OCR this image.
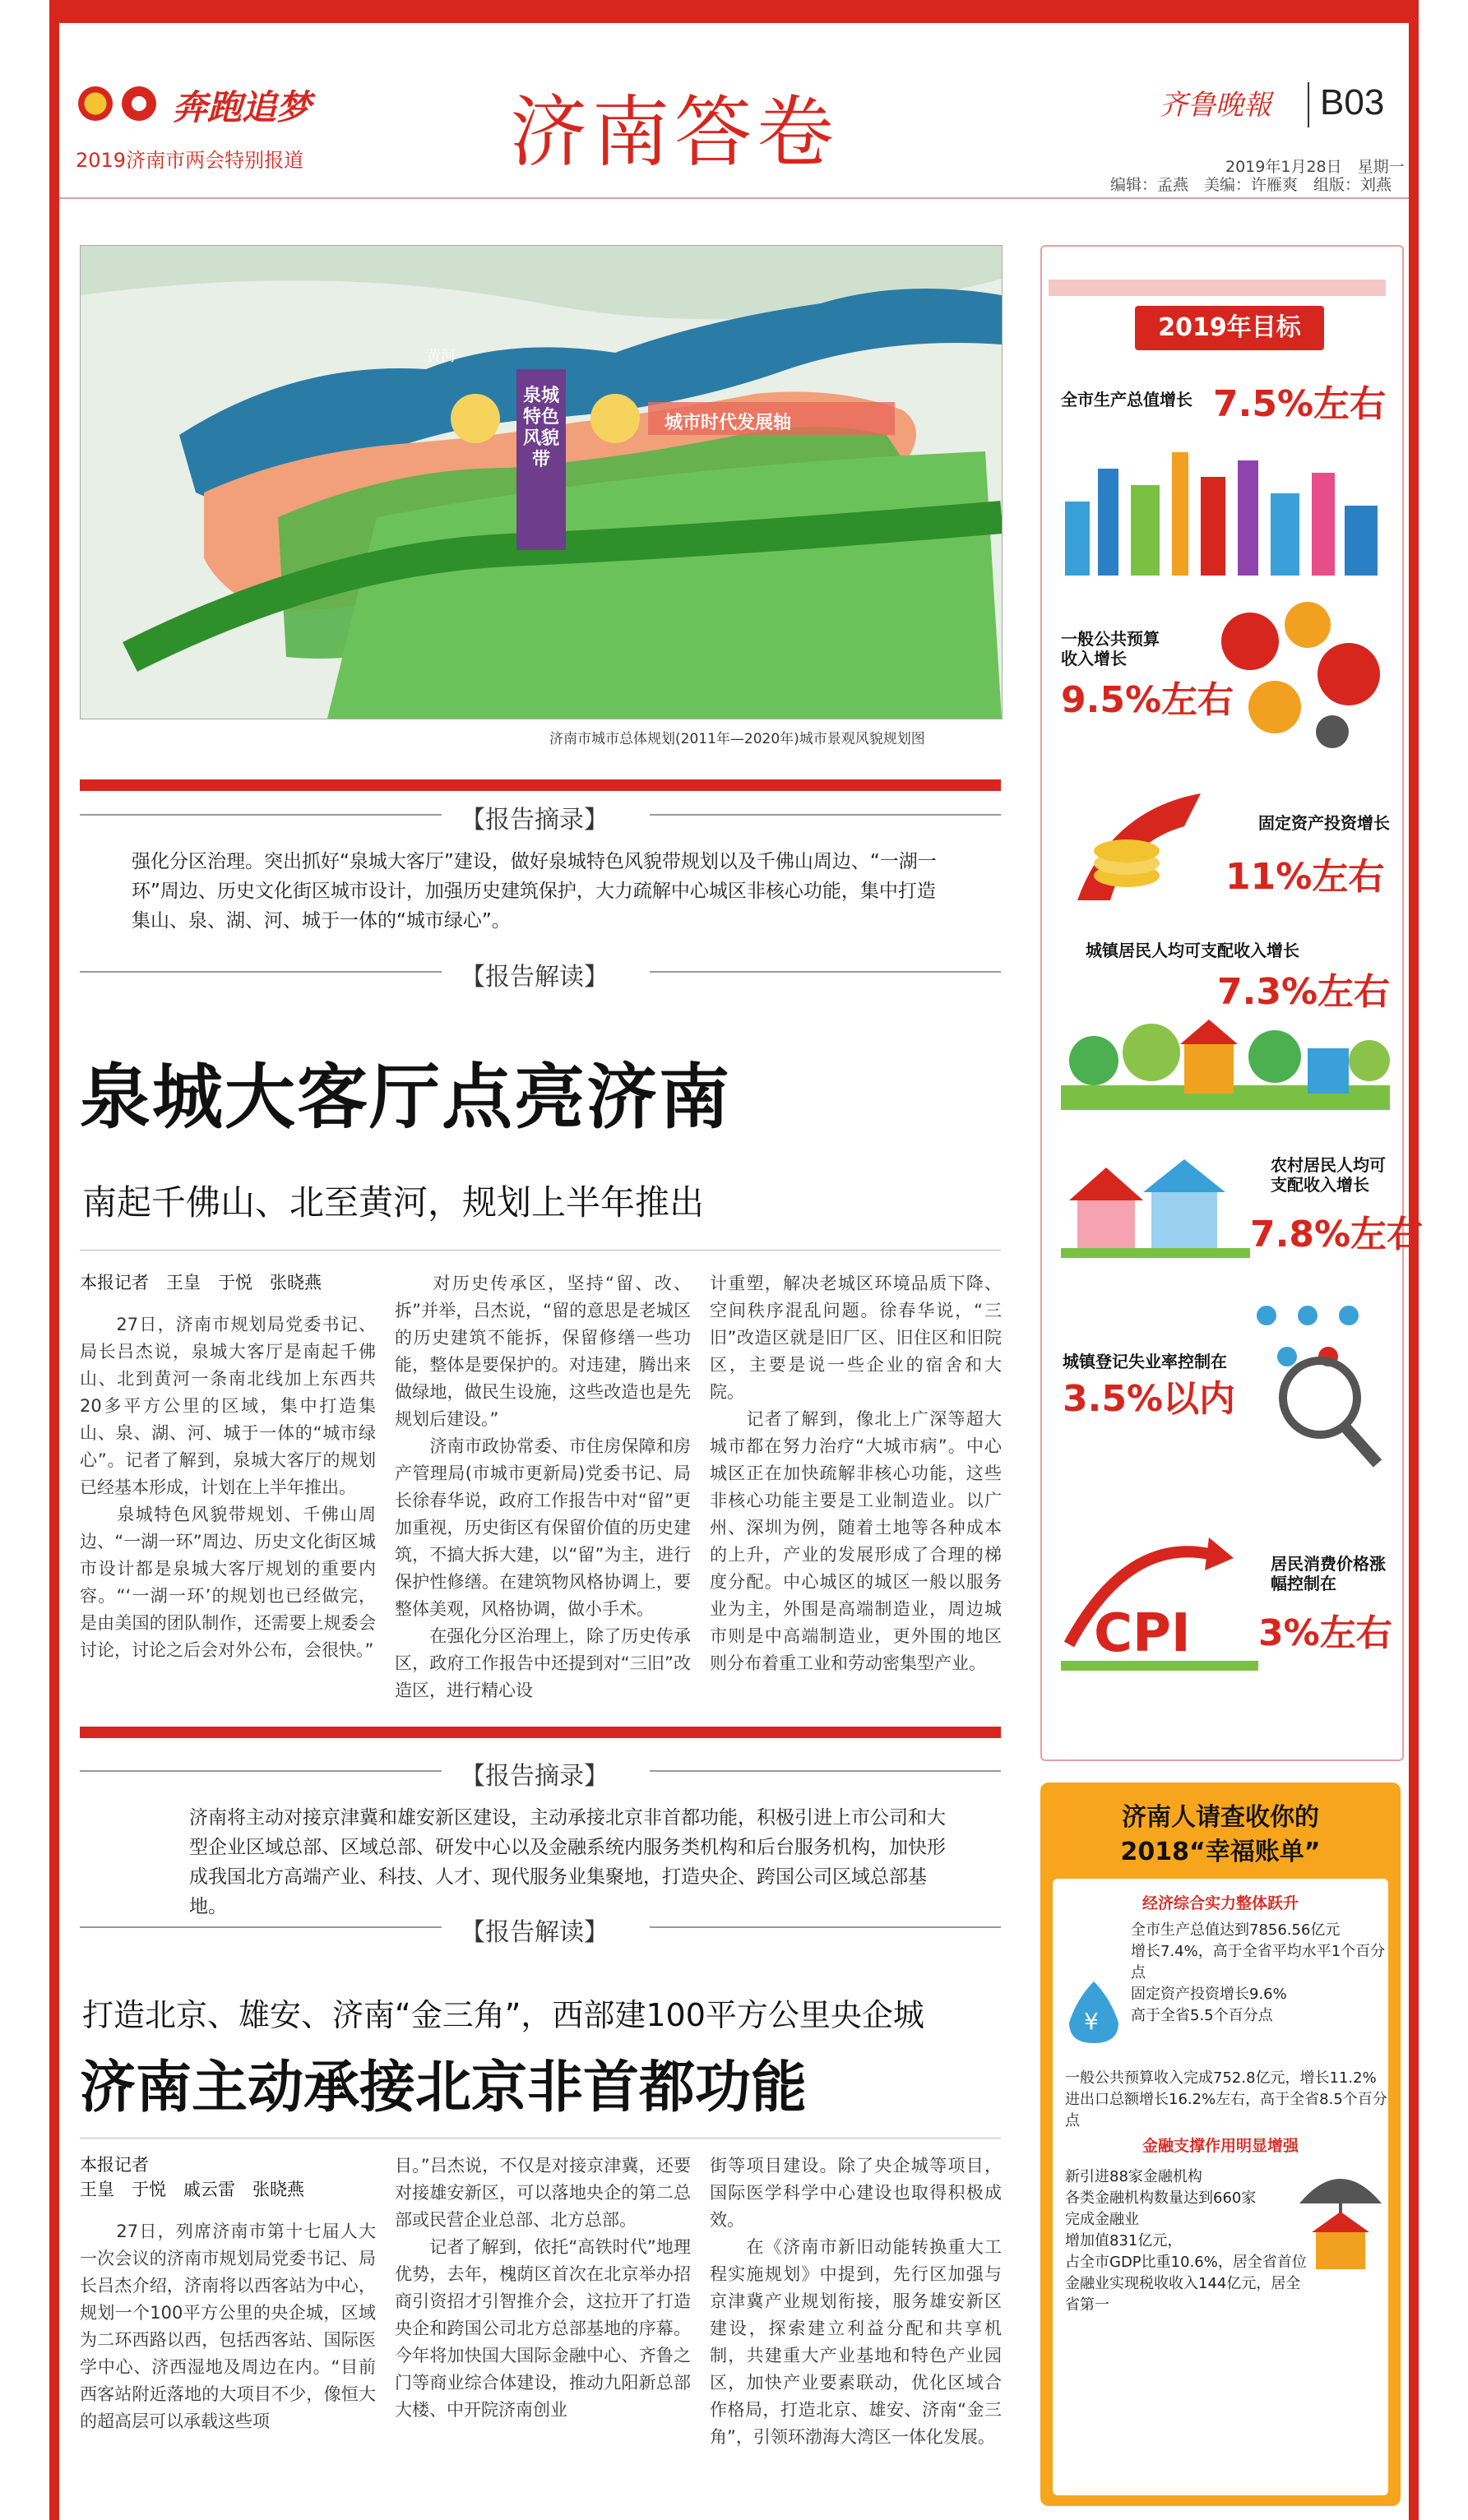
奔跑追梦
2019济南市两会特别报道	济南答卷	齐鲁晚報 B03
2019年1月28日　星期一
编辑：孟燕　美编：许雁爽　组版：刘燕
泉城特色风貌带
城市时代发展轴
黄河
济南市城市总体规划(2011年—2020年)城市景观风貌规划图
【报告摘录】
强化分区治理。突出抓好“泉城大客厅”建设，做好泉城特色风貌带规划以及千佛山周边、“一湖一环”周边、历史文化街区城市设计，加强历史建筑保护，大力疏解中心城区非核心功能，集中打造集山、泉、湖、河、城于一体的“城市绿心”。
【报告解读】
泉城大客厅点亮济南
南起千佛山、北至黄河，规划上半年推出
本报记者　王皇　于悦　张晓燕
　　27日，济南市规划局党委书记、局长吕杰说，泉城大客厅是南起千佛山、北到黄河一条南北线加上东西共20多平方公里的区域，集中打造集山、泉、湖、河、城于一体的“城市绿心”。记者了解到，泉城大客厅的规划已经基本形成，计划在上半年推出。
　　泉城特色风貌带规划、千佛山周边、“一湖一环”周边、历史文化街区城市设计都是泉城大客厅规划的重要内容。“‘一湖一环’的规划也已经做完，是由美国的团队制作，还需要上规委会讨论，讨论之后会对外公布，会很快。”
　　对历史传承区，坚持“留、改、拆”并举，吕杰说，“留的意思是老城区的历史建筑不能拆，保留修缮一些功能，整体是要保护的。对违建，腾出来做绿地，做民生设施，这些改造也是先规划后建设。”
　　济南市政协常委、市住房保障和房产管理局(市城市更新局)党委书记、局长徐春华说，政府工作报告中对“留”更加重视，历史街区有保留价值的历史建筑，不搞大拆大建，以“留”为主，进行保护性修缮。在建筑物风格协调上，要整体美观，风格协调，做小手术。
　　在强化分区治理上，除了历史传承区，政府工作报告中还提到对“三旧”改造区，进行精心设
计重塑，解决老城区环境品质下降、空间秩序混乱问题。徐春华说，“三旧”改造区就是旧厂区、旧住区和旧院区，主要是说一些企业的宿舍和大院。
　　记者了解到，像北上广深等超大城市都在努力治疗“大城市病”。中心城区正在加快疏解非核心功能，这些非核心功能主要是工业制造业。以广州、深圳为例，随着土地等各种成本的上升，产业的发展形成了合理的梯度分配。中心城区的城区一般以服务业为主，外围是高端制造业，周边城市则是中高端制造业，更外围的地区则分布着重工业和劳动密集型产业。
【报告摘录】
济南将主动对接京津冀和雄安新区建设，主动承接北京非首都功能，积极引进上市公司和大型企业区域总部、区域总部、研发中心以及金融系统内服务类机构和后台服务机构，加快形成我国北方高端产业、科技、人才、现代服务业集聚地，打造央企、跨国公司区域总部基地。
【报告解读】
打造北京、雄安、济南“金三角”，西部建100平方公里央企城
济南主动承接北京非首都功能
本报记者
王皇　于悦　戚云雷　张晓燕
　　27日，列席济南市第十七届人大一次会议的济南市规划局党委书记、局长吕杰介绍，济南将以西客站为中心，规划一个100平方公里的央企城，区域为二环西路以西，包括西客站、国际医学中心、济西湿地及周边在内。“目前西客站附近落地的大项目不少，像恒大的超高层可以承载这些项
目。”吕杰说，不仅是对接京津冀，还要对接雄安新区，可以落地央企的第二总部或民营企业总部、北方总部。
　　记者了解到，依托“高铁时代”地理优势，去年，槐荫区首次在北京举办招商引资招才引智推介会，这拉开了打造央企和跨国公司北方总部基地的序幕。今年将加快国大国际金融中心、齐鲁之门等商业综合体建设，推动九阳新总部大楼、中开院济南创业
街等项目建设。除了央企城等项目，国际医学科学中心建设也取得积极成效。
　　在《济南市新旧动能转换重大工程实施规划》中提到，先行区加强与京津冀产业规划衔接，服务雄安新区建设，探索建立利益分配和共享机制，共建重大产业基地和特色产业园区，加快产业要素联动，优化区域合作格局，打造北京、雄安、济南“金三角”，引领环渤海大湾区一体化发展。
2019年目标
全市生产总值增长 7.5%左右
一般公共预算收入增长
9.5%左右
固定资产投资增长
11%左右
城镇居民人均可支配收入增长
7.3%左右
农村居民人均可支配收入增长
7.8%左右
城镇登记失业率控制在
3.5%以内
居民消费价格涨幅控制在
3%左右
CPI
济南人请查收你的
2018“幸福账单”
经济综合实力整体跃升
¥
全市生产总值达到7856.56亿元
增长7.4%，高于全省平均水平1个百分点
固定资产投资增长9.6%
高于全省5.5个百分点
一般公共预算收入完成752.8亿元，增长11.2%
进出口总额增长16.2%左右，高于全省8.5个百分点
金融支撑作用明显增强
新引进88家金融机构
各类金融机构数量达到660家
完成金融业
增加值831亿元，
占全市GDP比重10.6%，居全省首位
金融业实现税收收入144亿元，居全省第一
